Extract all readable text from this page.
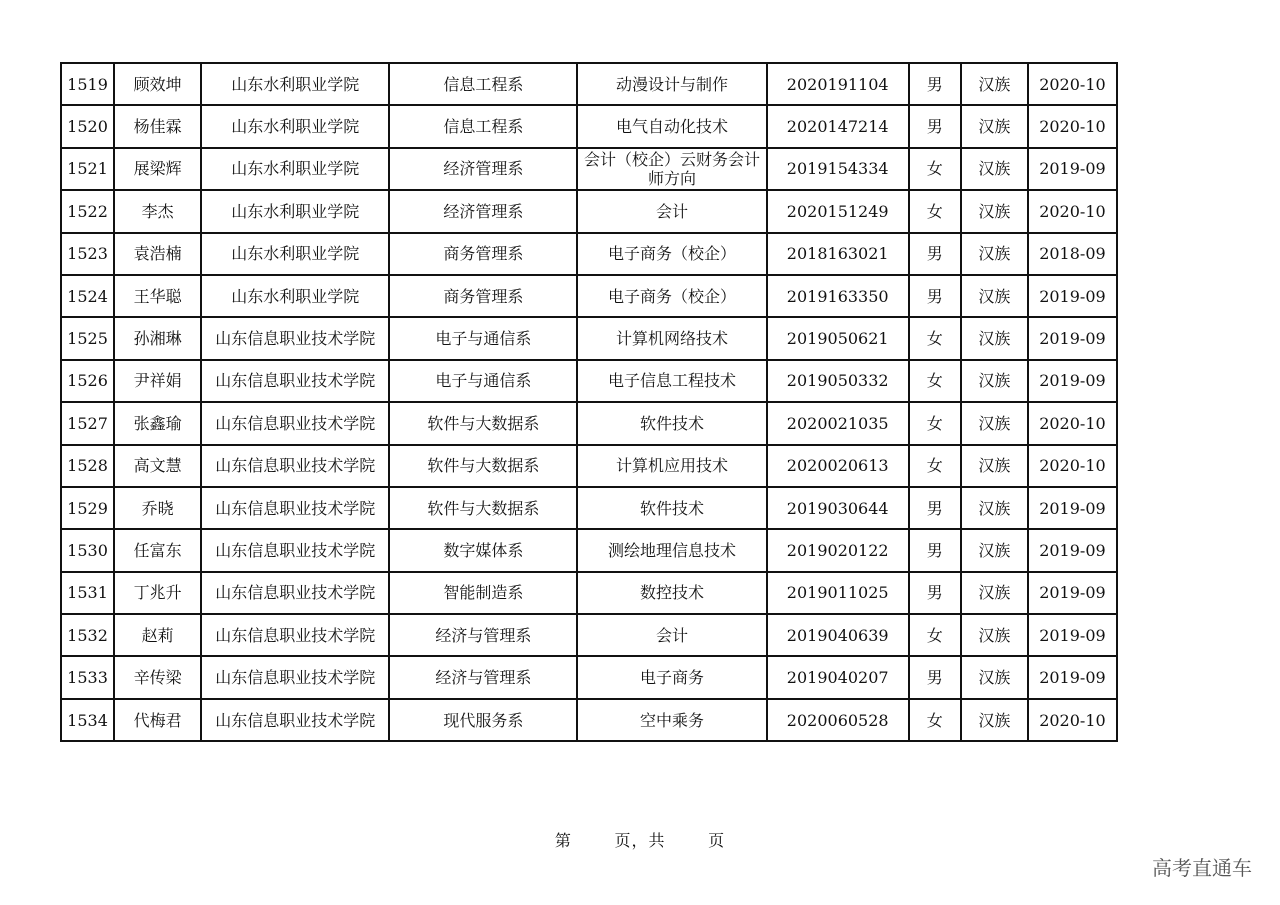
1519	顾效坤	山东水利职业学院	信息工程系	动漫设计与制作	2020191104	男	汉族	2020-10
1520	杨佳霖	山东水利职业学院	信息工程系	电气自动化技术	2020147214	男	汉族	2020-10
1521	展梁辉	山东水利职业学院	经济管理系	会计（校企）云财务会计师方向	2019154334	女	汉族	2019-09
1522	李杰	山东水利职业学院	经济管理系	会计	2020151249	女	汉族	2020-10
1523	袁浩楠	山东水利职业学院	商务管理系	电子商务（校企）	2018163021	男	汉族	2018-09
1524	王华聪	山东水利职业学院	商务管理系	电子商务（校企）	2019163350	男	汉族	2019-09
1525	孙湘琳	山东信息职业技术学院	电子与通信系	计算机网络技术	2019050621	女	汉族	2019-09
1526	尹祥娟	山东信息职业技术学院	电子与通信系	电子信息工程技术	2019050332	女	汉族	2019-09
1527	张鑫瑜	山东信息职业技术学院	软件与大数据系	软件技术	2020021035	女	汉族	2020-10
1528	高文慧	山东信息职业技术学院	软件与大数据系	计算机应用技术	2020020613	女	汉族	2020-10
1529	乔晓	山东信息职业技术学院	软件与大数据系	软件技术	2019030644	男	汉族	2019-09
1530	任富东	山东信息职业技术学院	数字媒体系	测绘地理信息技术	2019020122	男	汉族	2019-09
1531	丁兆升	山东信息职业技术学院	智能制造系	数控技术	2019011025	男	汉族	2019-09
1532	赵莉	山东信息职业技术学院	经济与管理系	会计	2019040639	女	汉族	2019-09
1533	辛传梁	山东信息职业技术学院	经济与管理系	电子商务	2019040207	男	汉族	2019-09
1534	代梅君	山东信息职业技术学院	现代服务系	空中乘务	2020060528	女	汉族	2020-10
第	页，共	页
高考直通车
